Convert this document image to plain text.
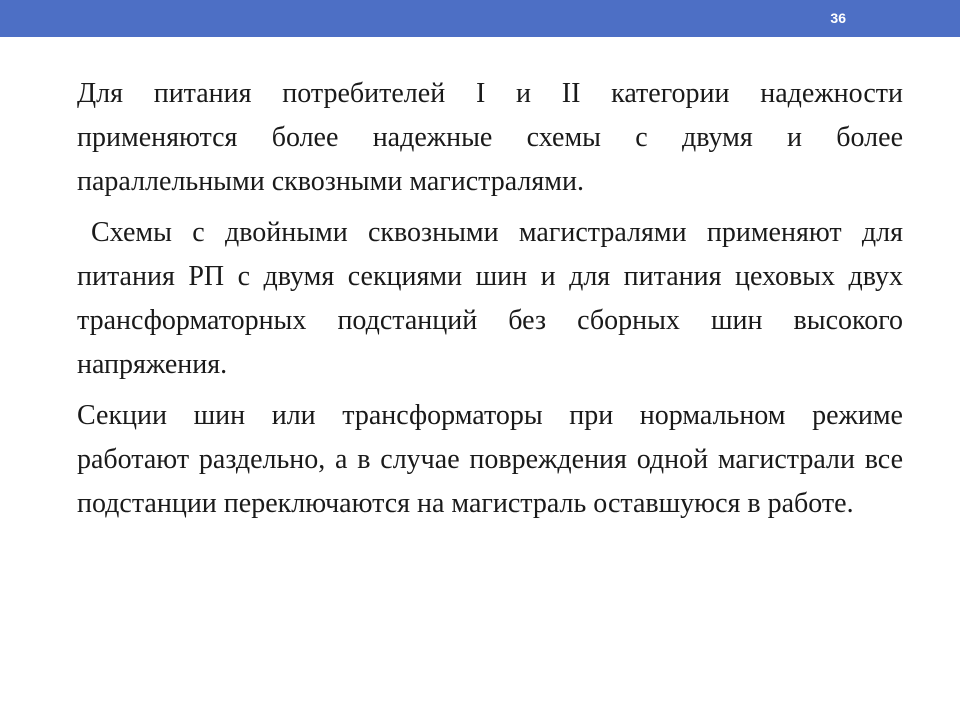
36

Для питания потребителей I и II категории надежности применяются более надежные схемы с двумя и более параллельными сквозными магистралями.

Схемы с двойными сквозными магистралями применяют для питания РП с двумя секциями шин и для питания цеховых двух трансформаторных подстанций без сборных шин высокого напряжения.

Секции шин или трансформаторы при нормальном режиме работают раздельно, а в случае повреждения одной магистрали все подстанции переключаются на магистраль оставшуюся в работе.
